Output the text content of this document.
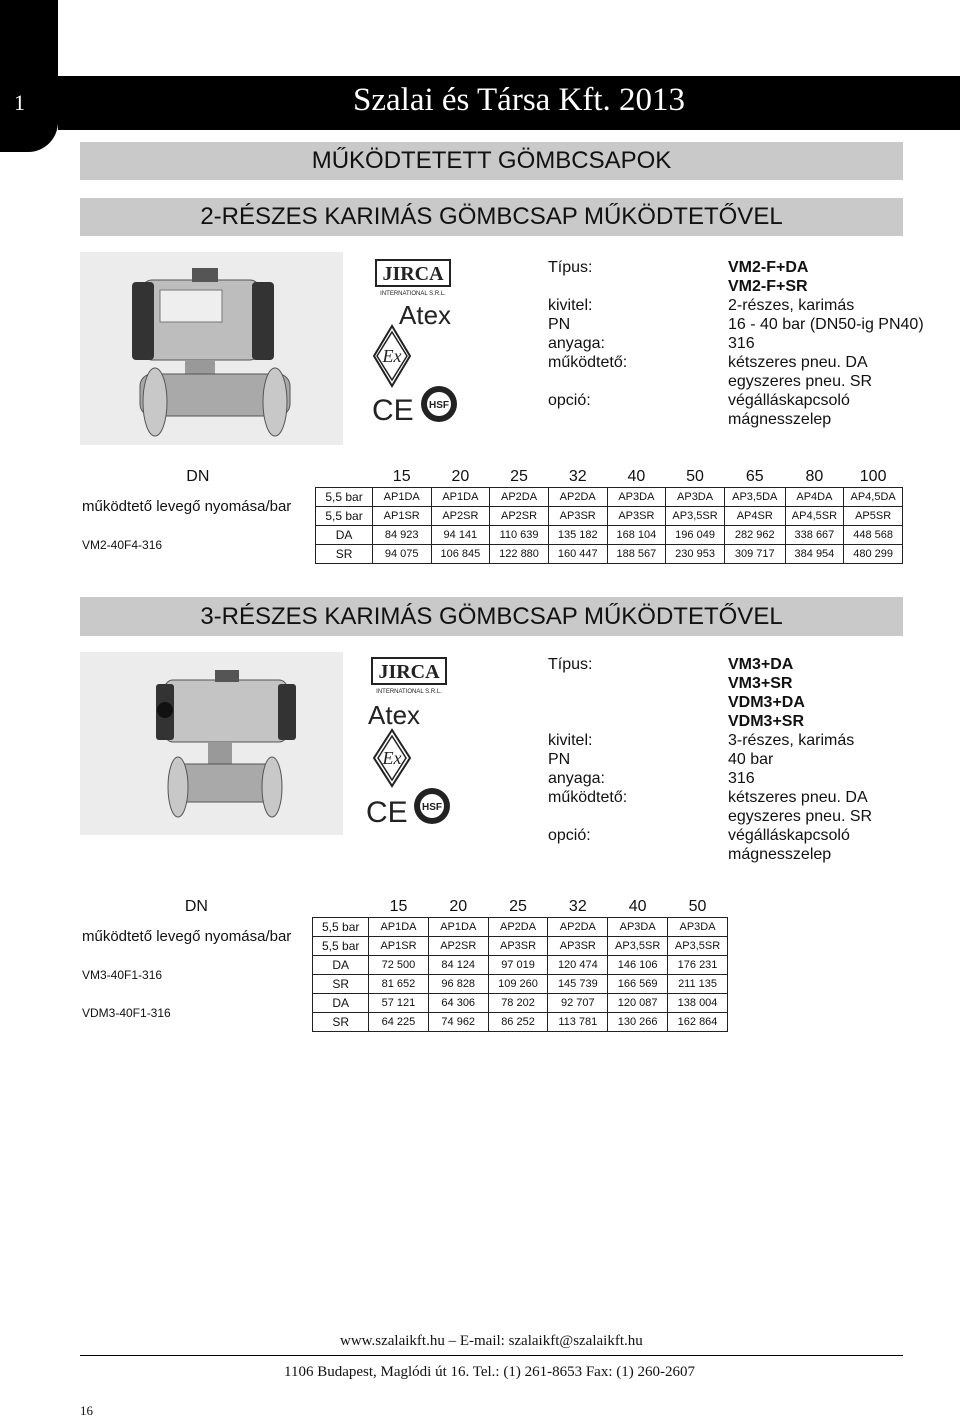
1	Szalai és Társa Kft. 2013
MŰKÖDTETETT GÖMBCSAPOK
2-RÉSZES KARIMÁS GÖMBCSAP MŰKÖDTETŐVEL
JIRCA
INTERNATIONAL S.R.L.
Atex
Ex
CE HSF
Típus:	VM2-F+DA
VM2-F+SR
kivitel:	2-részes, karimás
PN	16 - 40 bar (DN50-ig PN40)
anyaga:	316
működtető:	kétszeres pneu. DA
egyszeres pneu. SR
opció:	végálláskapcsoló
mágnesszelep
DN		15	20	25	32	40	50	65	80	100
működtető levegő nyomása/bar	5,5 bar	AP1DA	AP1DA	AP2DA	AP2DA	AP3DA	AP3DA	AP3,5DA	AP4DA	AP4,5DA
	5,5 bar	AP1SR	AP2SR	AP2SR	AP3SR	AP3SR	AP3,5SR	AP4SR	AP4,5SR	AP5SR
VM2-40F4-316	DA	84 923	94 141	110 639	135 182	168 104	196 049	282 962	338 667	448 568
	SR	94 075	106 845	122 880	160 447	188 567	230 953	309 717	384 954	480 299
3-RÉSZES KARIMÁS GÖMBCSAP MŰKÖDTETŐVEL
JIRCA
INTERNATIONAL S.R.L.
Atex
Ex
CE HSF
Típus:	VM3+DA
VM3+SR
VDM3+DA
VDM3+SR
kivitel:	3-részes, karimás
PN	40 bar
anyaga:	316
működtető:	kétszeres pneu. DA
egyszeres pneu. SR
opció:	végálláskapcsoló
mágnesszelep
DN		15	20	25	32	40	50
működtető levegő nyomása/bar	5,5 bar	AP1DA	AP1DA	AP2DA	AP2DA	AP3DA	AP3DA
	5,5 bar	AP1SR	AP2SR	AP3SR	AP3SR	AP3,5SR	AP3,5SR
VM3-40F1-316	DA	72 500	84 124	97 019	120 474	146 106	176 231
	SR	81 652	96 828	109 260	145 739	166 569	211 135
VDM3-40F1-316	DA	57 121	64 306	78 202	92 707	120 087	138 004
	SR	64 225	74 962	86 252	113 781	130 266	162 864
www.szalaikft.hu – E-mail: szalaikft@szalaikft.hu
1106 Budapest, Maglódi út 16. Tel.: (1) 261-8653 Fax: (1) 260-2607
16
